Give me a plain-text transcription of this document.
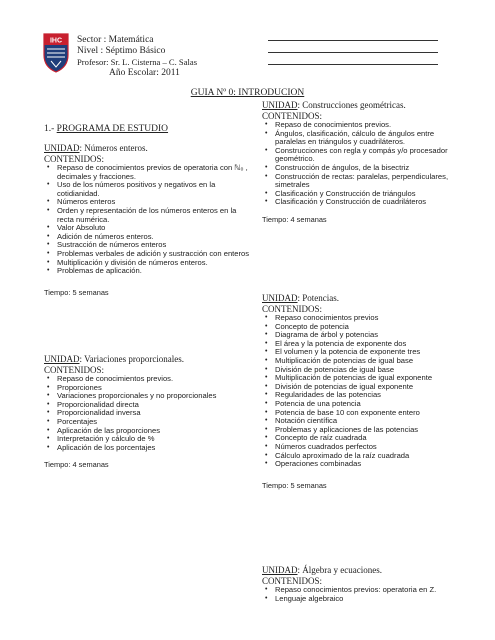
IHC Sector : Matemática
Nivel : Séptimo Básico
Profesor: Sr. L. Cisterna – C. Salas
Año Escolar: 2011
GUIA Nº 0: INTRODUCION
1.- PROGRAMA DE ESTUDIO
UNIDAD: Números enteros.
CONTENIDOS:
• Repaso de conocimientos previos de operatoria con ℕ₀ , decimales y fracciones.
• Uso de los números positivos y negativos en la cotidianidad.
• Números enteros
• Orden y representación de los números enteros en la recta numérica.
• Valor Absoluto
• Adición de números enteros.
• Sustracción de números enteros
• Problemas verbales de adición y sustracción con enteros
• Multiplicación y división de números enteros.
• Problemas de aplicación.
Tiempo: 5 semanas
UNIDAD: Variaciones proporcionales.
CONTENIDOS:
• Repaso de conocimientos previos.
• Proporciones
• Variaciones proporcionales y no proporcionales
• Proporcionalidad directa
• Proporcionalidad inversa
• Porcentajes
• Aplicación de las proporciones
• Interpretación y cálculo de %
• Aplicación de los porcentajes
Tiempo: 4 semanas
UNIDAD: Construcciones geométricas.
CONTENIDOS:
• Repaso de conocimientos previos.
• Ángulos, clasificación, cálculo de ángulos entre paralelas en triángulos y cuadriláteros.
• Construcciones con regla y compás y/o procesador geométrico.
• Construcción de ángulos, de la bisectriz
• Construcción de rectas: paralelas, perpendiculares, simetrales
• Clasificación y Construcción de triángulos
• Clasificación y Construcción de cuadriláteros
Tiempo: 4 semanas
UNIDAD: Potencias.
CONTENIDOS:
• Repaso conocimientos previos
• Concepto de potencia
• Diagrama de árbol y potencias
• El área y la potencia de exponente dos
• El volumen y la potencia de exponente tres
• Multiplicación de potencias de igual base
• División de potencias de igual base
• Multiplicación de potencias de igual exponente
• División de potencias de igual exponente
• Regularidades de las potencias
• Potencia de una potencia
• Potencia de base 10 con exponente entero
• Notación científica
• Problemas y aplicaciones de las potencias
• Concepto de raíz cuadrada
• Números cuadrados perfectos
• Cálculo aproximado de la raíz cuadrada
• Operaciones combinadas
Tiempo: 5 semanas
UNIDAD: Álgebra y ecuaciones.
CONTENIDOS:
• Repaso conocimientos previos: operatoria en Z.
• Lenguaje algebraico
